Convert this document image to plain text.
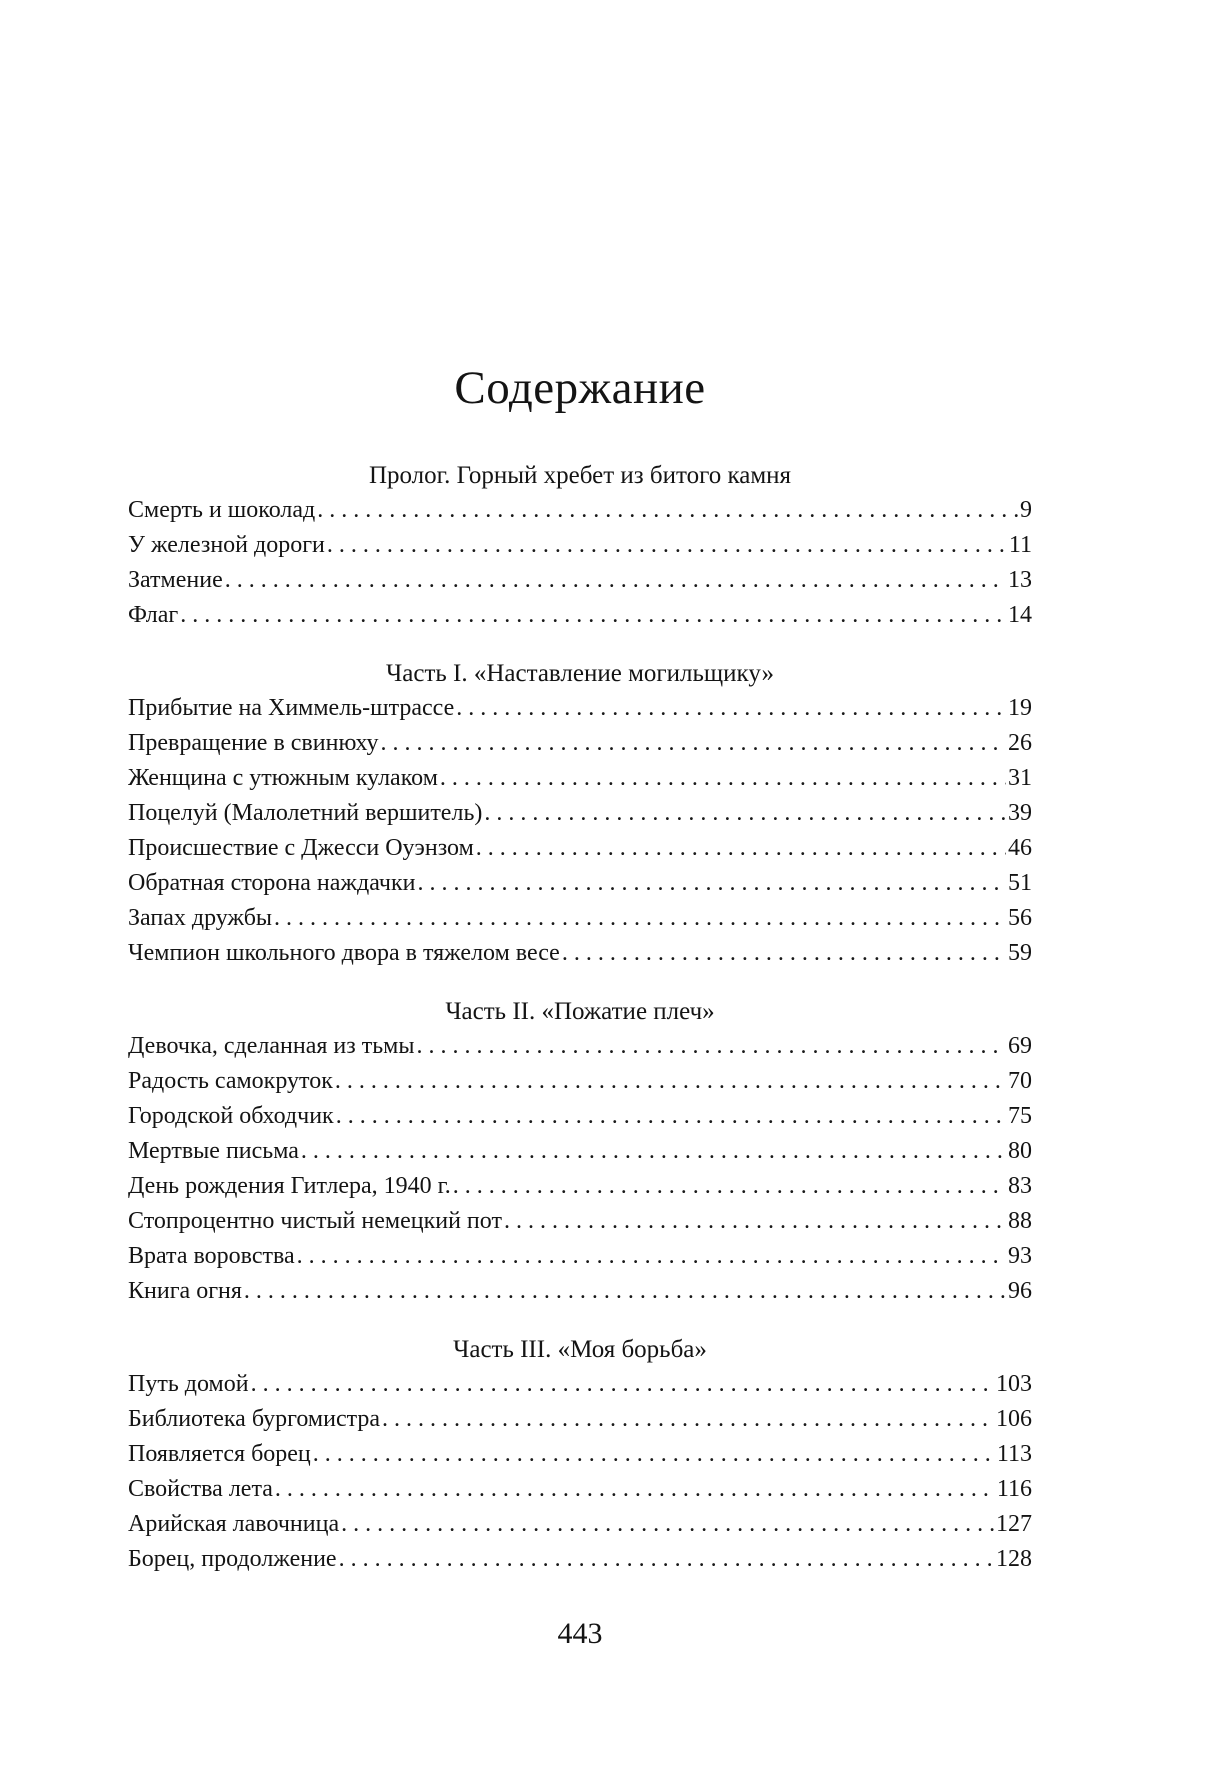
Содержание
Пролог. Горный хребет из битого камня
Смерть и шоколад . . .	9
У железной дороги . . .	11
Затмение . . .	13
Флаг . . .	14
Часть I. «Наставление могильщику»
Прибытие на Химмель-штрассе . . .	19
Превращение в свинюху . . .	26
Женщина с утюжным кулаком . . .	31
Поцелуй (Малолетний вершитель) . . .	39
Происшествие с Джесси Оуэнзом . . .	46
Обратная сторона наждачки . . .	51
Запах дружбы . . .	56
Чемпион школьного двора в тяжелом весе . . .	59
Часть II. «Пожатие плеч»
Девочка, сделанная из тьмы . . .	69
Радость самокруток . . .	70
Городской обходчик . . .	75
Мертвые письма . . .	80
День рождения Гитлера, 1940 г. . . .	83
Стопроцентно чистый немецкий пот . . .	88
Врата воровства . . .	93
Книга огня . . .	96
Часть III. «Моя борьба»
Путь домой . . .	103
Библиотека бургомистра . . .	106
Появляется борец . . .	113
Свойства лета . . .	116
Арийская лавочница . . .	127
Борец, продолжение . . .	128
443
